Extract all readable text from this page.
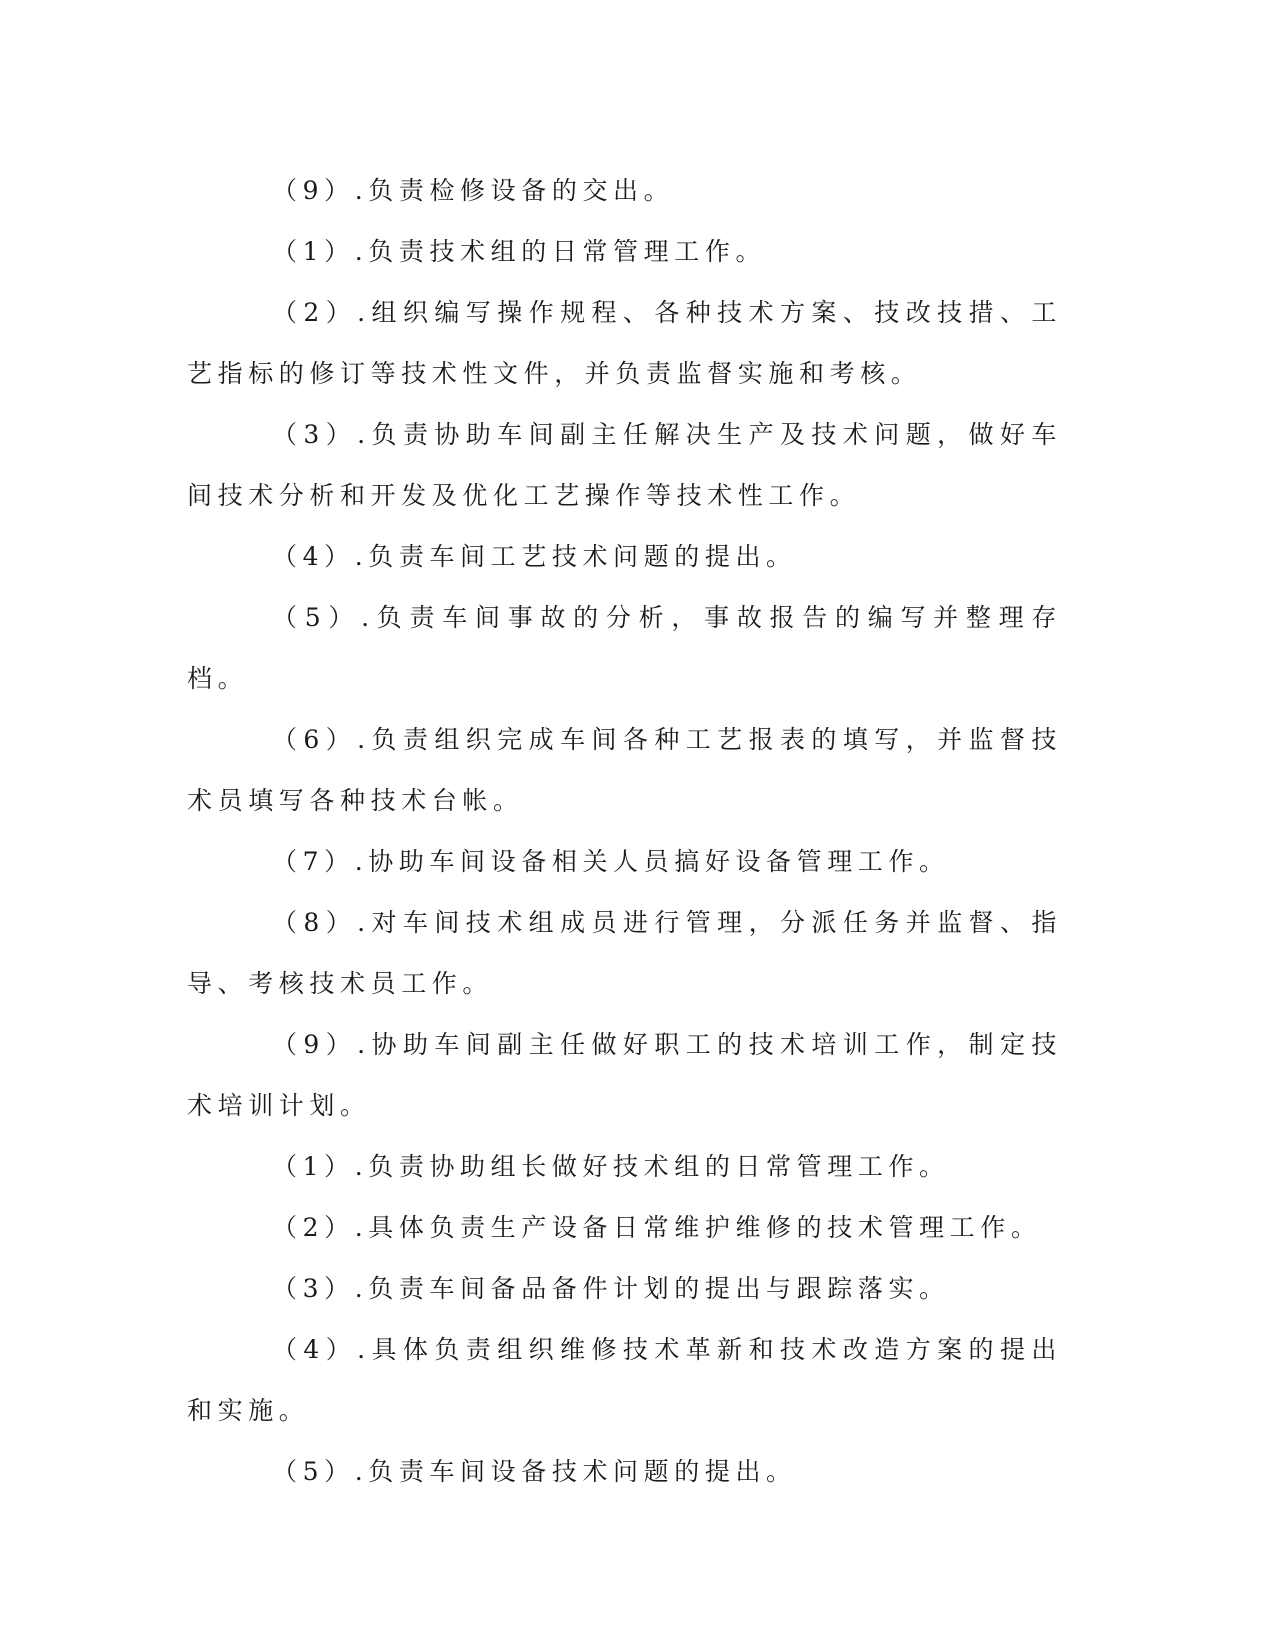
（9）.负责检修设备的交出。

（1）.负责技术组的日常管理工作。

（2）.组织编写操作规程、各种技术方案、技改技措、工艺指标的修订等技术性文件，并负责监督实施和考核。

（3）.负责协助车间副主任解决生产及技术问题，做好车间技术分析和开发及优化工艺操作等技术性工作。

（4）.负责车间工艺技术问题的提出。

（5）.负责车间事故的分析，事故报告的编写并整理存档。

（6）.负责组织完成车间各种工艺报表的填写，并监督技术员填写各种技术台帐。

（7）.协助车间设备相关人员搞好设备管理工作。

（8）.对车间技术组成员进行管理，分派任务并监督、指导、考核技术员工作。

（9）.协助车间副主任做好职工的技术培训工作，制定技术培训计划。

（1）.负责协助组长做好技术组的日常管理工作。

（2）.具体负责生产设备日常维护维修的技术管理工作。

（3）.负责车间备品备件计划的提出与跟踪落实。

（4）.具体负责组织维修技术革新和技术改造方案的提出和实施。

（5）.负责车间设备技术问题的提出。
